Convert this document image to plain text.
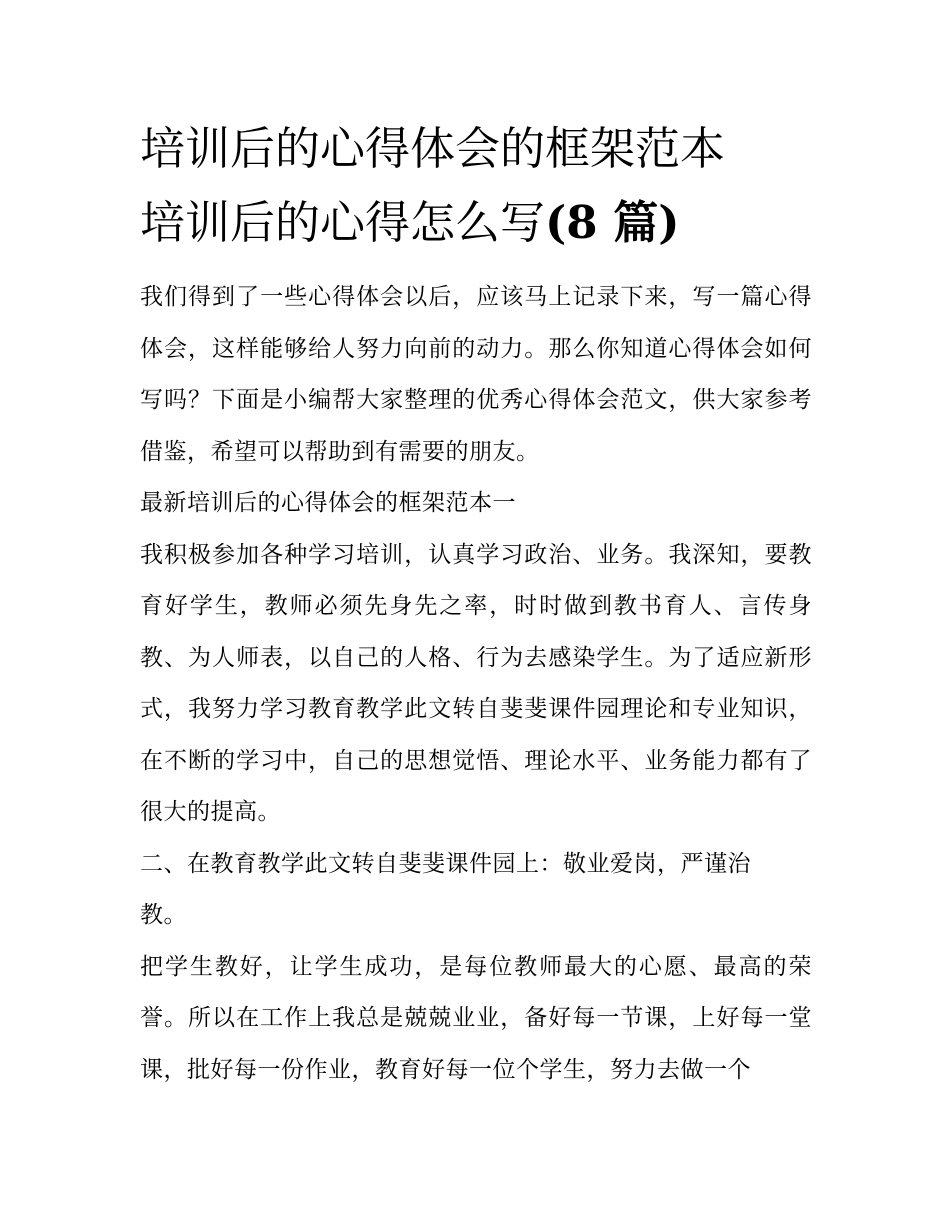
培训后的心得体会的框架范本
培训后的心得怎么写(8 篇)

我们得到了一些心得体会以后，应该马上记录下来，写一篇心得体会，这样能够给人努力向前的动力。那么你知道心得体会如何写吗？下面是小编帮大家整理的优秀心得体会范文，供大家参考借鉴，希望可以帮助到有需要的朋友。

最新培训后的心得体会的框架范本一

我积极参加各种学习培训，认真学习政治、业务。我深知，要教育好学生，教师必须先身先之率，时时做到教书育人、言传身教、为人师表，以自己的人格、行为去感染学生。为了适应新形式，我努力学习教育教学此文转自斐斐课件园理论和专业知识，在不断的学习中，自己的思想觉悟、理论水平、业务能力都有了很大的提高。

二、在教育教学此文转自斐斐课件园上：敬业爱岗，严谨治教。

把学生教好，让学生成功，是每位教师最大的心愿、最高的荣誉。所以在工作上我总是兢兢业业，备好每一节课，上好每一堂课，批好每一份作业，教育好每一位个学生，努力去做一个
